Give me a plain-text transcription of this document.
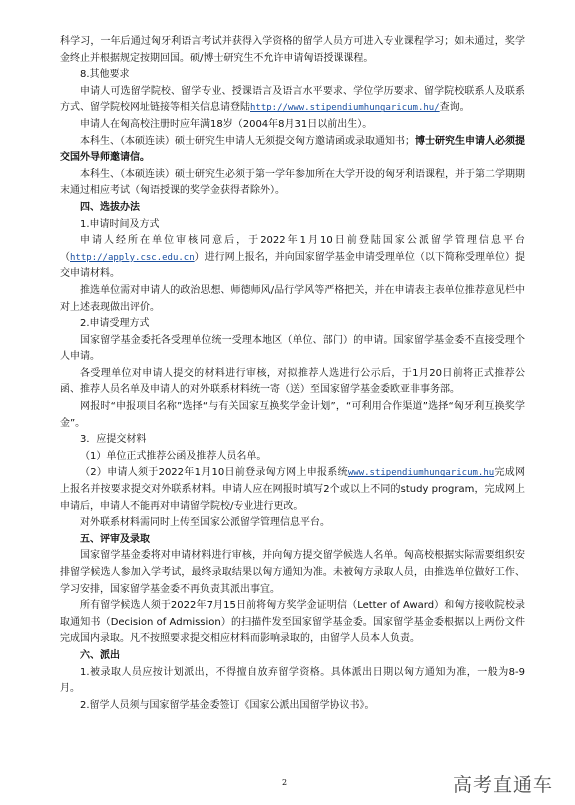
科学习，一年后通过匈牙利语言考试并获得入学资格的留学人员方可进入专业课程学习；如未通过，奖学金终止并根据规定按期回国。硕/博士研究生不允许申请匈语授课课程。

8.其他要求

申请人可选留学院校、留学专业、授课语言及语言水平要求、学位学历要求、留学院校联系人及联系方式、留学院校网址链接等相关信息请登陆http://www.stipendiumhungaricum.hu/查询。

申请人在匈高校注册时应年满18岁（2004年8月31日以前出生）。

本科生、（本硕连读）硕士研究生申请人无须提交匈方邀请函或录取通知书；博士研究生申请人必须提交国外导师邀请信。

本科生、（本硕连读）硕士研究生必须于第一学年参加所在大学开设的匈牙利语课程，并于第二学期期末通过相应考试（匈语授课的奖学金获得者除外）。

四、选拔办法

1.申请时间及方式

申请人经所在单位审核同意后，于2022年1月10日前登陆国家公派留学管理信息平台（http://apply.csc.edu.cn）进行网上报名，并向国家留学基金申请受理单位（以下简称受理单位）提交申请材料。

推选单位需对申请人的政治思想、师德师风/品行学风等严格把关，并在申请表主表单位推荐意见栏中对上述表现做出评价。

2.申请受理方式

国家留学基金委托各受理单位统一受理本地区（单位、部门）的申请。国家留学基金委不直接受理个人申请。

各受理单位对申请人提交的材料进行审核，对拟推荐人选进行公示后，于1月20日前将正式推荐公函、推荐人员名单及申请人的对外联系材料统一寄（送）至国家留学基金委欧亚非事务部。

网报时“申报项目名称”选择“与有关国家互换奖学金计划”，“可利用合作渠道”选择“匈牙利互换奖学金”。

3．应提交材料

（1）单位正式推荐公函及推荐人员名单。

（2）申请人须于2022年1月10日前登录匈方网上申报系统www.stipendiumhungaricum.hu完成网上报名并按要求提交对外联系材料。申请人应在网报时填写2个或以上不同的study program，完成网上申请后，申请人不能再对申请留学院校/专业进行更改。

对外联系材料需同时上传至国家公派留学管理信息平台。

五、评审及录取

国家留学基金委将对申请材料进行审核，并向匈方提交留学候选人名单。匈高校根据实际需要组织安排留学候选人参加入学考试，最终录取结果以匈方通知为准。未被匈方录取人员，由推选单位做好工作、学习安排，国家留学基金委不再负责其派出事宜。

所有留学候选人须于2022年7月15日前将匈方奖学金证明信（Letter of Award）和匈方接收院校录取通知书（Decision of Admission）的扫描件发至国家留学基金委。国家留学基金委根据以上两份文件完成国内录取。凡不按照要求提交相应材料而影响录取的，由留学人员本人负责。

六、派出

1.被录取人员应按计划派出，不得擅自放弃留学资格。具体派出日期以匈方通知为准，一般为8-9月。

2.留学人员须与国家留学基金委签订《国家公派出国留学协议书》。

2	高考直通车
